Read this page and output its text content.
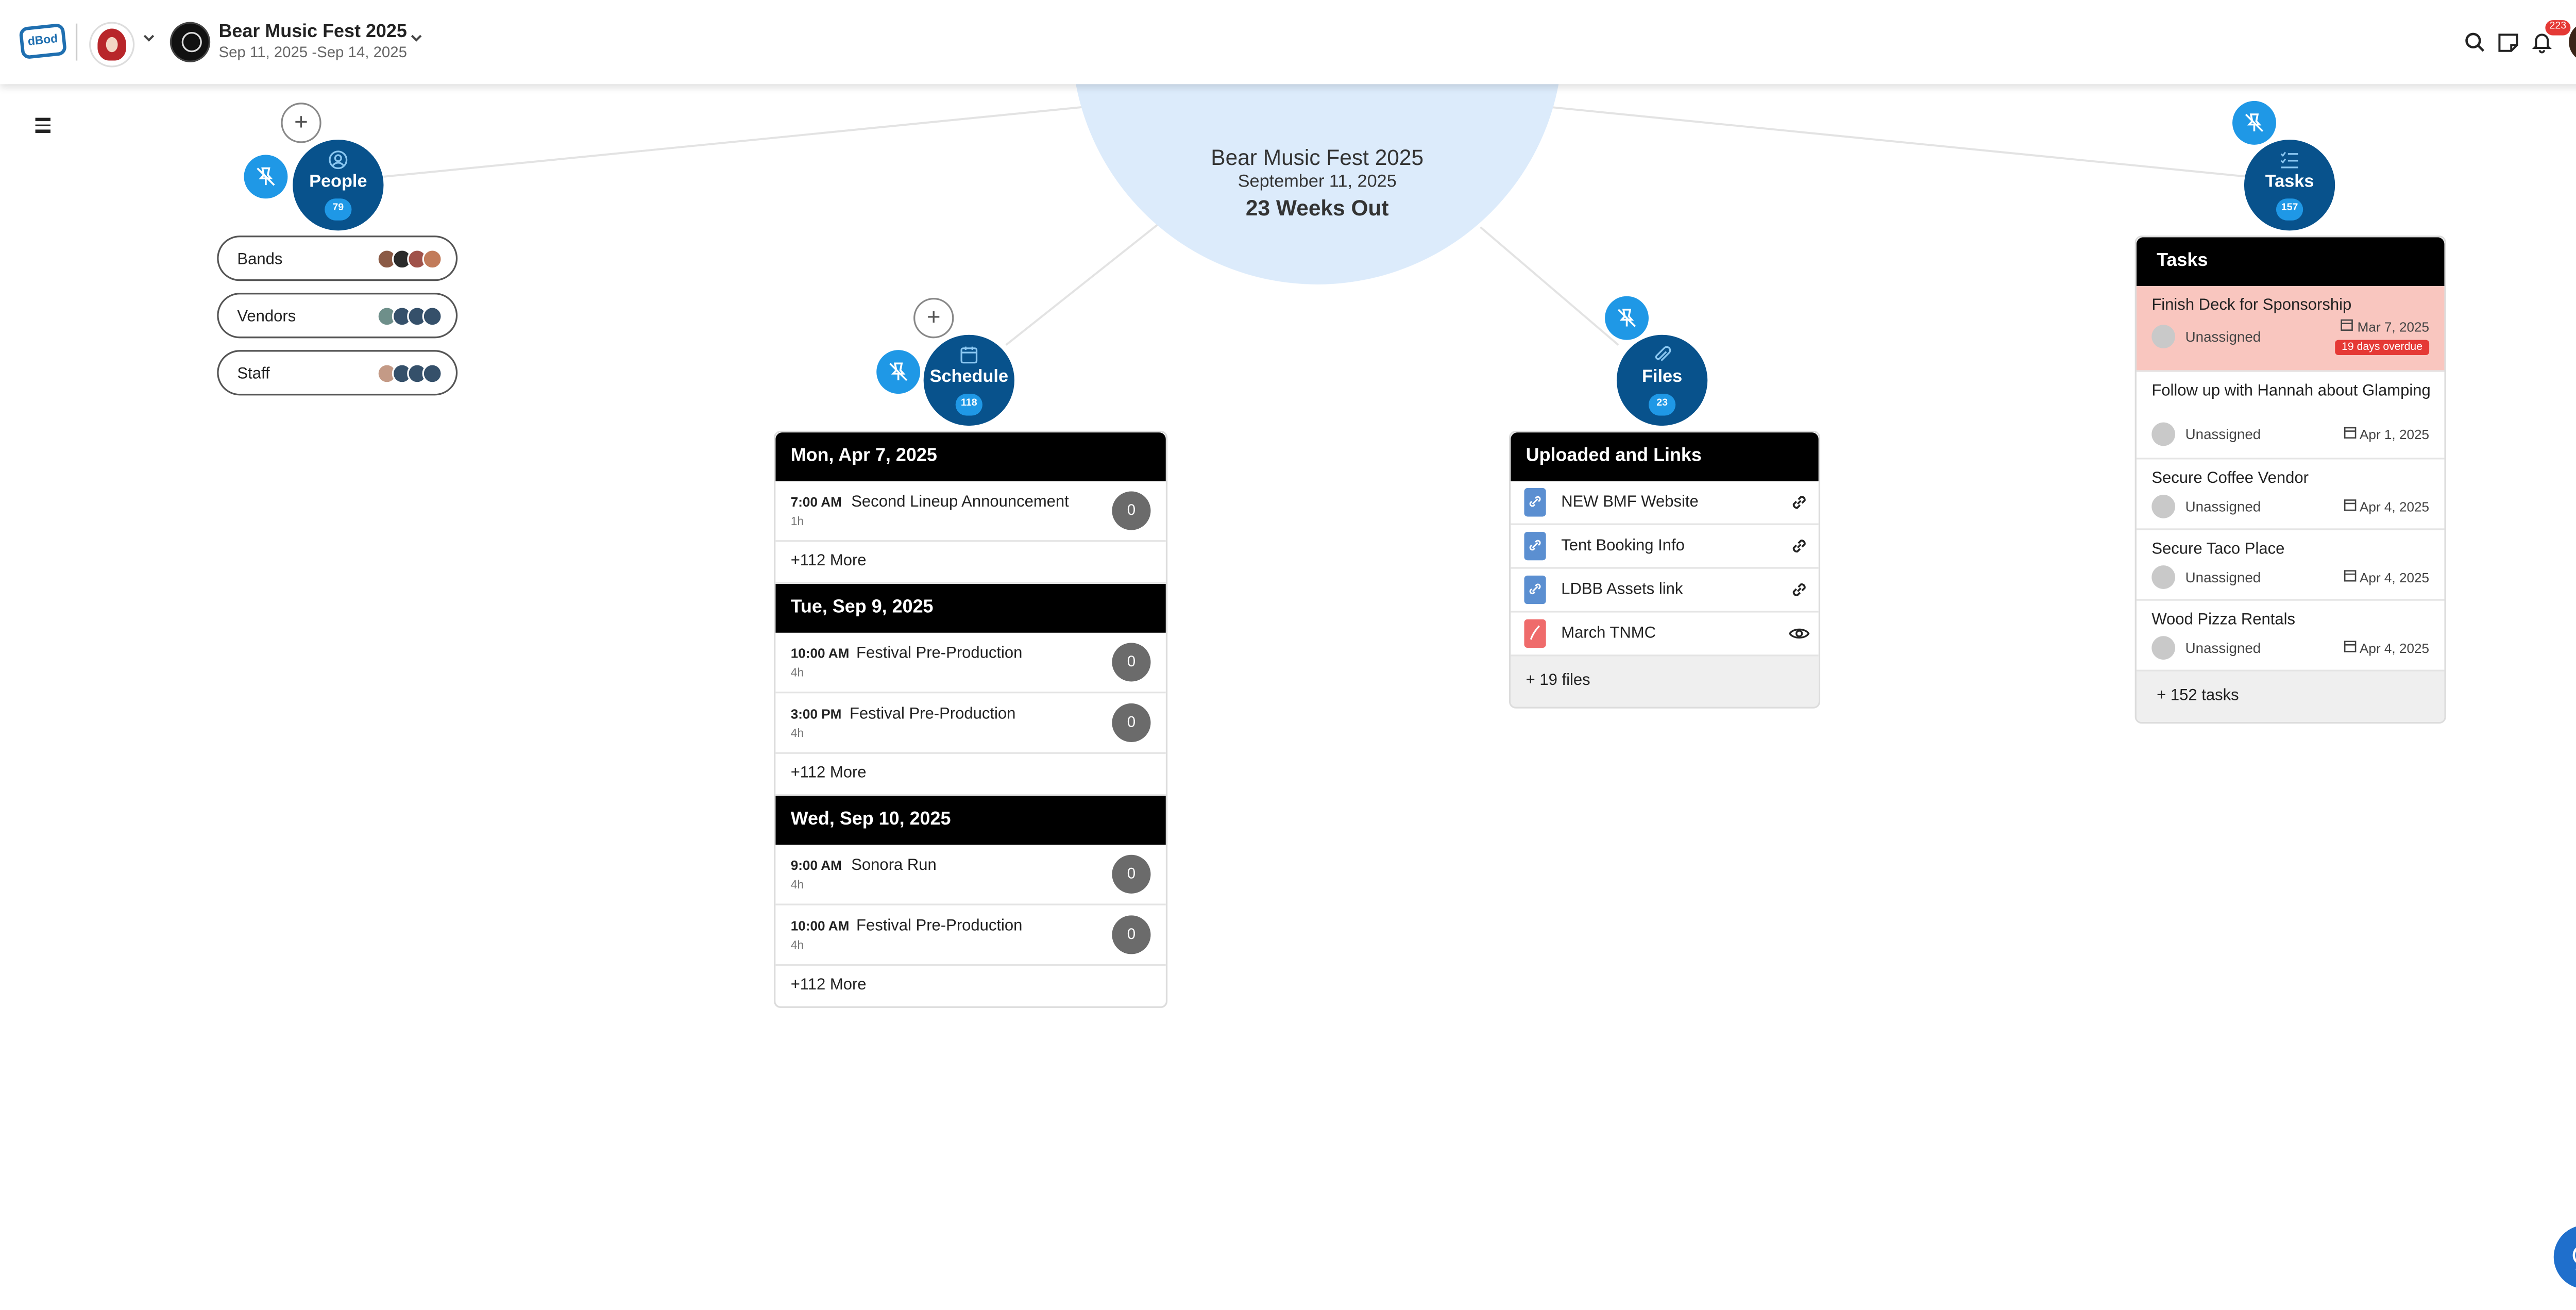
Bear Music Fest 2025
September 11, 2025
23 Weeks Out
dBod	Bear Music Fest 2025
Sep 11, 2025 -Sep 14, 2025
223
+
People
79
Bands
Vendors
Staff
+
Schedule
118
Mon, Apr 7, 2025
7:00 AM Second Lineup Announcement
1h
0
+112 More
Tue, Sep 9, 2025
10:00 AM Festival Pre-Production
4h
0
3:00 PM Festival Pre-Production
4h
0
+112 More
Wed, Sep 10, 2025
9:00 AM Sonora Run
4h
0
10:00 AM Festival Pre-Production
4h
0
+112 More
Files
23
Uploaded and Links
NEW BMF Website
Tent Booking Info
LDBB Assets link
March TNMC
+ 19 files
Tasks
157
Tasks
Finish Deck for Sponsorship
Unassigned
Mar 7, 2025
19 days overdue
Follow up with Hannah about Glamping
Unassigned	Apr 1, 2025
Secure Coffee Vendor
Unassigned	Apr 4, 2025
Secure Taco Place
Unassigned	Apr 4, 2025
Wood Pizza Rentals
Unassigned	Apr 4, 2025
+ 152 tasks
